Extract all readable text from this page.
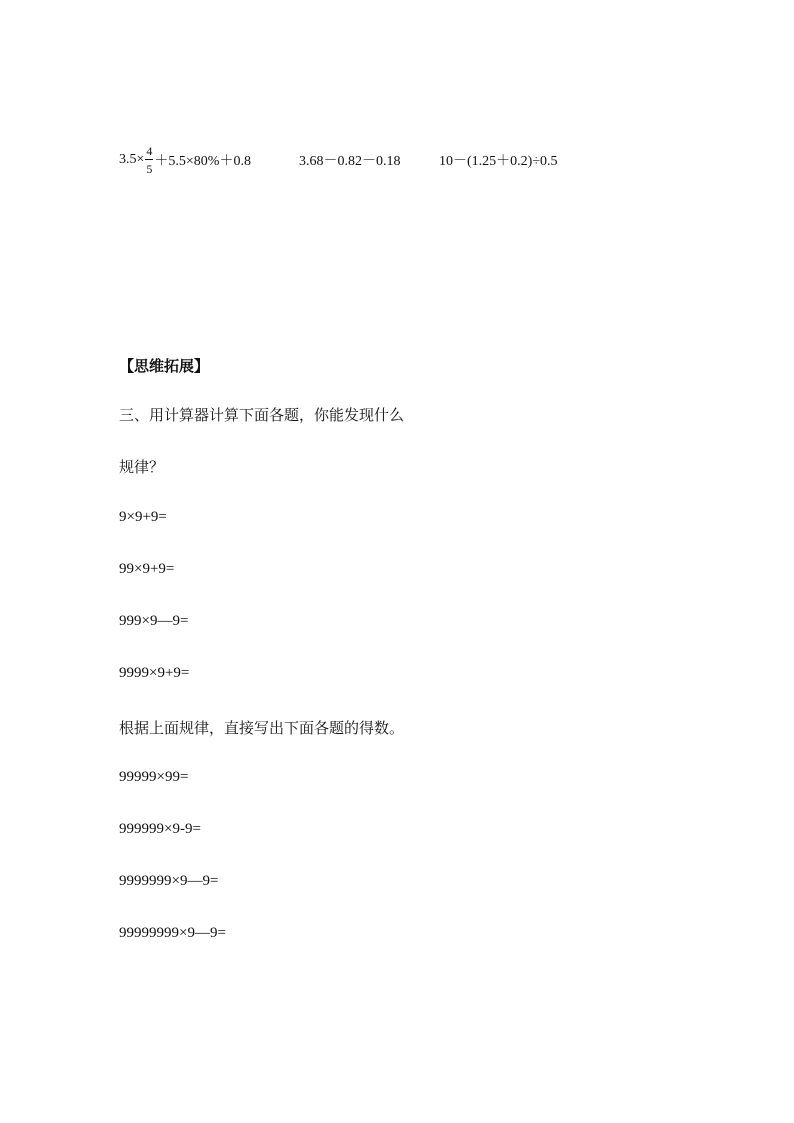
$3.5\times \frac{4}{5} +5.5\times 80\%+0.8$	3.68－0.82－0.18	10－(1.25＋0.2)÷0.5
【思维拓展】
三、用计算器计算下面各题，你能发现什么
规律？
9×9+9=
99×9+9=
999×9—9=
9999×9+9=
根据上面规律，直接写出下面各题的得数。
99999×99=
999999×9-9=
9999999×9—9=
99999999×9—9=
